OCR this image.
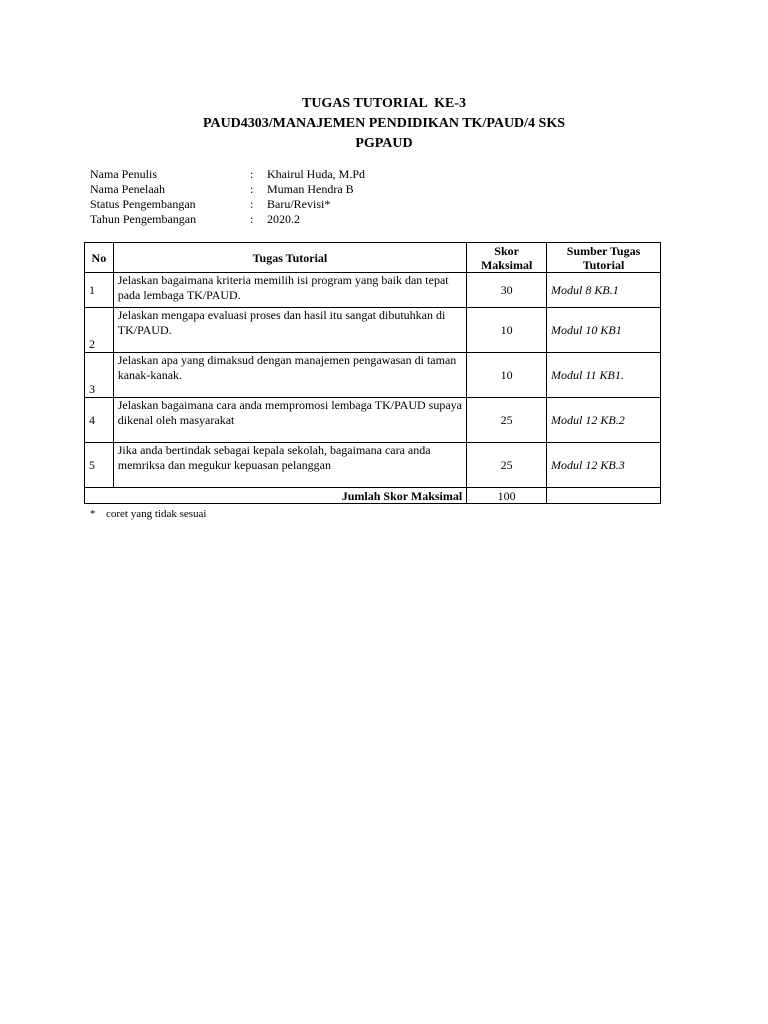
TUGAS TUTORIAL  KE-3
PAUD4303/MANAJEMEN PENDIDIKAN TK/PAUD/4 SKS
PGPAUD
Nama Penulis	:	Khairul Huda, M.Pd
Nama Penelaah	:	Muman Hendra B
Status Pengembangan	:	Baru/Revisi*
Tahun Pengembangan	:	2020.2
No	Tugas Tutorial	Skor Maksimal	Sumber Tugas Tutorial
1	Jelaskan bagaimana kriteria memilih isi program yang baik dan tepat pada lembaga TK/PAUD.	30	Modul 8 KB.1
2	Jelaskan mengapa evaluasi proses dan hasil itu sangat dibutuhkan di TK/PAUD.	10	Modul 10 KB1
3	Jelaskan apa yang dimaksud dengan manajemen pengawasan di taman kanak-kanak.	10	Modul 11 KB1.
4	Jelaskan bagaimana cara anda mempromosi lembaga TK/PAUD supaya dikenal oleh masyarakat	25	Modul 12 KB.2
5	Jika anda bertindak sebagai kepala sekolah, bagaimana cara anda memriksa dan megukur kepuasan pelanggan	25	Modul 12 KB.3
Jumlah Skor Maksimal		100	
* coret yang tidak sesuai
